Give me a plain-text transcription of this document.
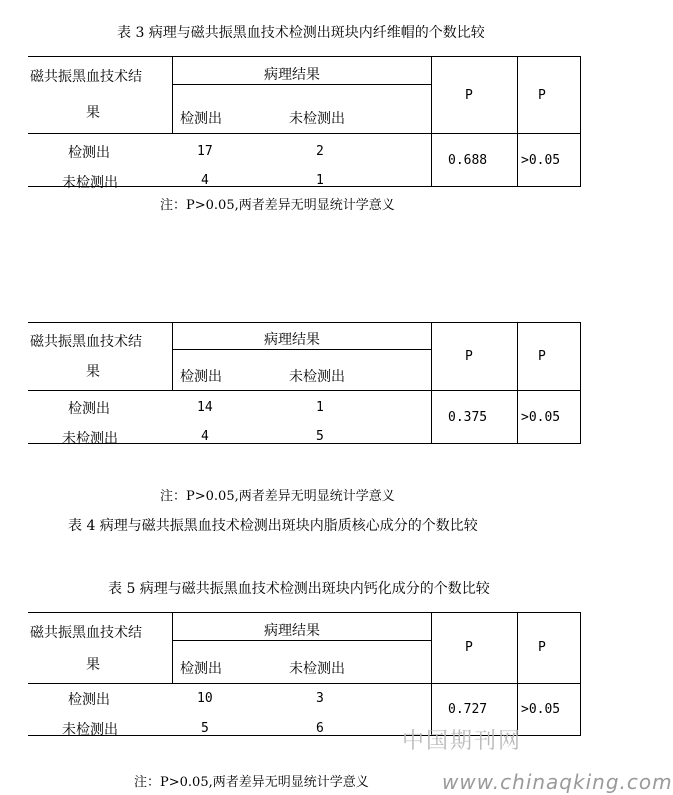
表 3 病理与磁共振黑血技术检测出斑块内纤维帽的个数比较
磁共振黑血技术结
果
病理结果
检测出	未检测出
P	P
检测出	17	2
未检测出	4	1
0.688	>0.05
注：P>0.05,两者差异无明显统计学意义
磁共振黑血技术结
果
病理结果
检测出	未检测出
P	P
检测出	14	1
未检测出	4	5
0.375	>0.05
注：P>0.05,两者差异无明显统计学意义
表 4 病理与磁共振黑血技术检测出斑块内脂质核心成分的个数比较
表 5 病理与磁共振黑血技术检测出斑块内钙化成分的个数比较
磁共振黑血技术结
果
病理结果
检测出	未检测出
P	P
检测出	10	3
未检测出	5	6
0.727	>0.05
注：P>0.05,两者差异无明显统计学意义
中国期刊网
www.chinaqking.com
